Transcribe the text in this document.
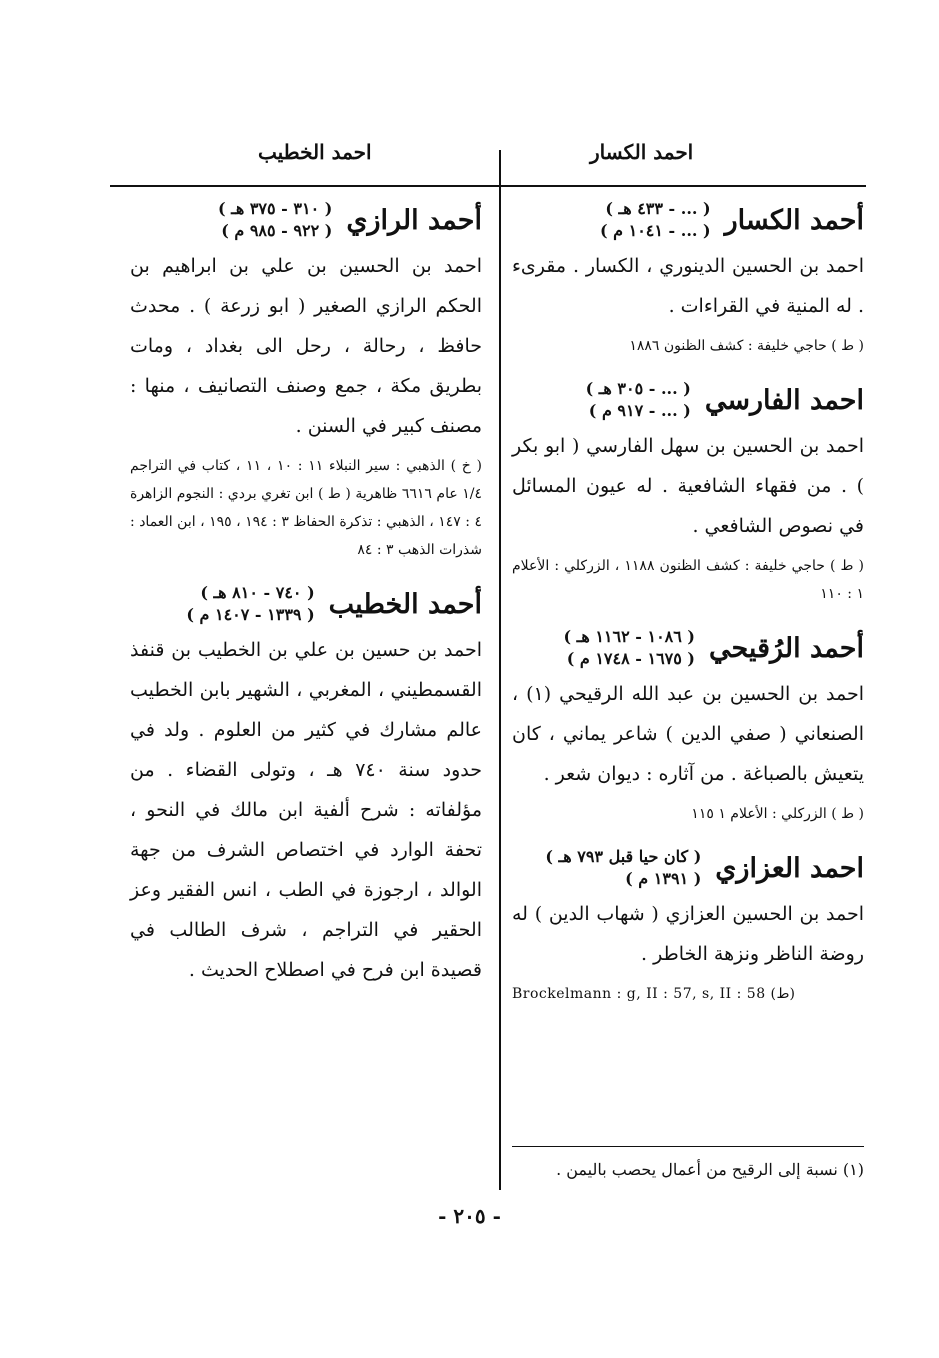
احمد الكسار
احمد الخطيب
أحمد الكسار
( ... - ٤٣٣ هـ )
( ... - ١٠٤١ م )

احمد بن الحسين الدينوري ، الكسار . مقرىء . له المنية في القراءات .

( ط ) حاجي خليفة : كشف الظنون ١٨٨٦

احمد الفارسي
( ... - ٣٠٥ هـ )
( ... - ٩١٧ م )

احمد بن الحسين بن سهل الفارسي ( ابو بكر ) . من فقهاء الشافعية . له عيون المسائل في نصوص الشافعي .

( ط ) حاجي خليفة : كشف الظنون ١١٨٨ ، الزركلي : الأعلام ١ : ١١٠

أحمد الرُقيحي
( ١٠٨٦ - ١١٦٢ هـ )
( ١٦٧٥ - ١٧٤٨ م )

احمد بن الحسين بن عبد الله الرقيحي (١) ، الصنعاني ( صفي الدين ) شاعر يماني ، كان يتعيش بالصباغة . من آثاره : ديوان شعر .

( ط ) الزركلي : الأعلام ١ ١١٥

احمد العزازي
( كان حيا قبل ٧٩٣ هـ )
( ١٣٩١ م )

احمد بن الحسين العزازي ( شهاب الدين ) له روضة الناظر ونزهة الخاطر .

Brockelmann : g, II : 57, s, II : 58 (ط)

أحمد الرازي
( ٣١٠ - ٣٧٥ هـ )
( ٩٢٢ - ٩٨٥ م )

احمد بن الحسين بن علي بن ابراهيم بن الحكم الرازي الصغير ( ابو زرعة ) . محدث حافظ ، رحالة ، رحل الى بغداد ، ومات بطريق مكة ، جمع وصنف التصانيف ، منها : مصنف كبير في السنن .

( خ ) الذهبي : سير النبلاء ١١ : ١٠ ، ١١ ، كتاب في التراجم ١/٤ عام ٦٦١٦ ظاهرية ( ط ) ابن تغري بردي : النجوم الزاهرة ٤ : ١٤٧ ، الذهبي : تذكرة الحفاظ ٣ : ١٩٤ ، ١٩٥ ، ابن العماد : شذرات الذهب ٣ : ٨٤

أحمد الخطيب
( ٧٤٠ - ٨١٠ هـ )
( ١٣٣٩ - ١٤٠٧ م )

احمد بن حسين بن علي بن الخطيب بن قنفذ القسمطيني ، المغربي ، الشهير بابن الخطيب عالم مشارك في كثير من العلوم . ولد في حدود سنة ٧٤٠ هـ ، وتولى القضاء . من مؤلفاته : شرح ألفية ابن مالك في النحو ، تحفة الوارد في اختصاص الشرف من جهة الوالد ، ارجوزة في الطب ، انس الفقير وعز الحقير في التراجم ، شرف الطالب في قصيدة ابن فرح في اصطلاح الحديث .

(١) نسبة إلى الرقيح من أعمال يحصب باليمن .
- ٢٠٥ -
